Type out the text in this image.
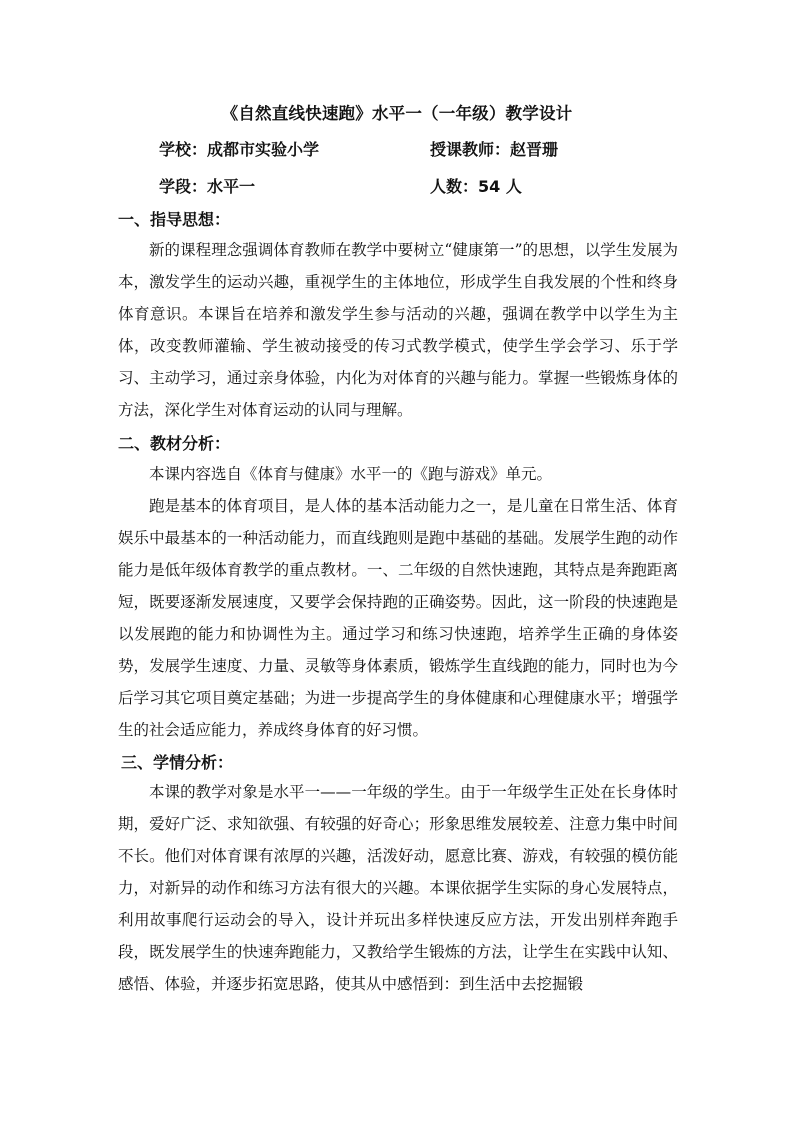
《自然直线快速跑》水平一（一年级）教学设计
学校：成都市实验小学	授课教师：赵晋珊
学段：水平一	人数：54 人
一、指导思想：

新的课程理念强调体育教师在教学中要树立“健康第一”的思想，以学生发展为本，激发学生的运动兴趣，重视学生的主体地位，形成学生自我发展的个性和终身体育意识。本课旨在培养和激发学生参与活动的兴趣，强调在教学中以学生为主体，改变教师灌输、学生被动接受的传习式教学模式，使学生学会学习、乐于学习、主动学习，通过亲身体验，内化为对体育的兴趣与能力。掌握一些锻炼身体的方法，深化学生对体育运动的认同与理解。

二、教材分析：

本课内容选自《体育与健康》水平一的《跑与游戏》单元。

跑是基本的体育项目，是人体的基本活动能力之一，是儿童在日常生活、体育娱乐中最基本的一种活动能力，而直线跑则是跑中基础的基础。发展学生跑的动作能力是低年级体育教学的重点教材。一、二年级的自然快速跑，其特点是奔跑距离短，既要逐渐发展速度，又要学会保持跑的正确姿势。因此，这一阶段的快速跑是以发展跑的能力和协调性为主。通过学习和练习快速跑，培养学生正确的身体姿势，发展学生速度、力量、灵敏等身体素质，锻炼学生直线跑的能力，同时也为今后学习其它项目奠定基础；为进一步提高学生的身体健康和心理健康水平；增强学生的社会适应能力，养成终身体育的好习惯。

三、学情分析：

本课的教学对象是水平一——一年级的学生。由于一年级学生正处在长身体时期，爱好广泛、求知欲强、有较强的好奇心；形象思维发展较差、注意力集中时间不长。他们对体育课有浓厚的兴趣，活泼好动，愿意比赛、游戏，有较强的模仿能力，对新异的动作和练习方法有很大的兴趣。本课依据学生实际的身心发展特点，利用故事爬行运动会的导入，设计并玩出多样快速反应方法，开发出别样奔跑手段，既发展学生的快速奔跑能力，又教给学生锻炼的方法，让学生在实践中认知、感悟、体验，并逐步拓宽思路，使其从中感悟到：到生活中去挖掘锻
